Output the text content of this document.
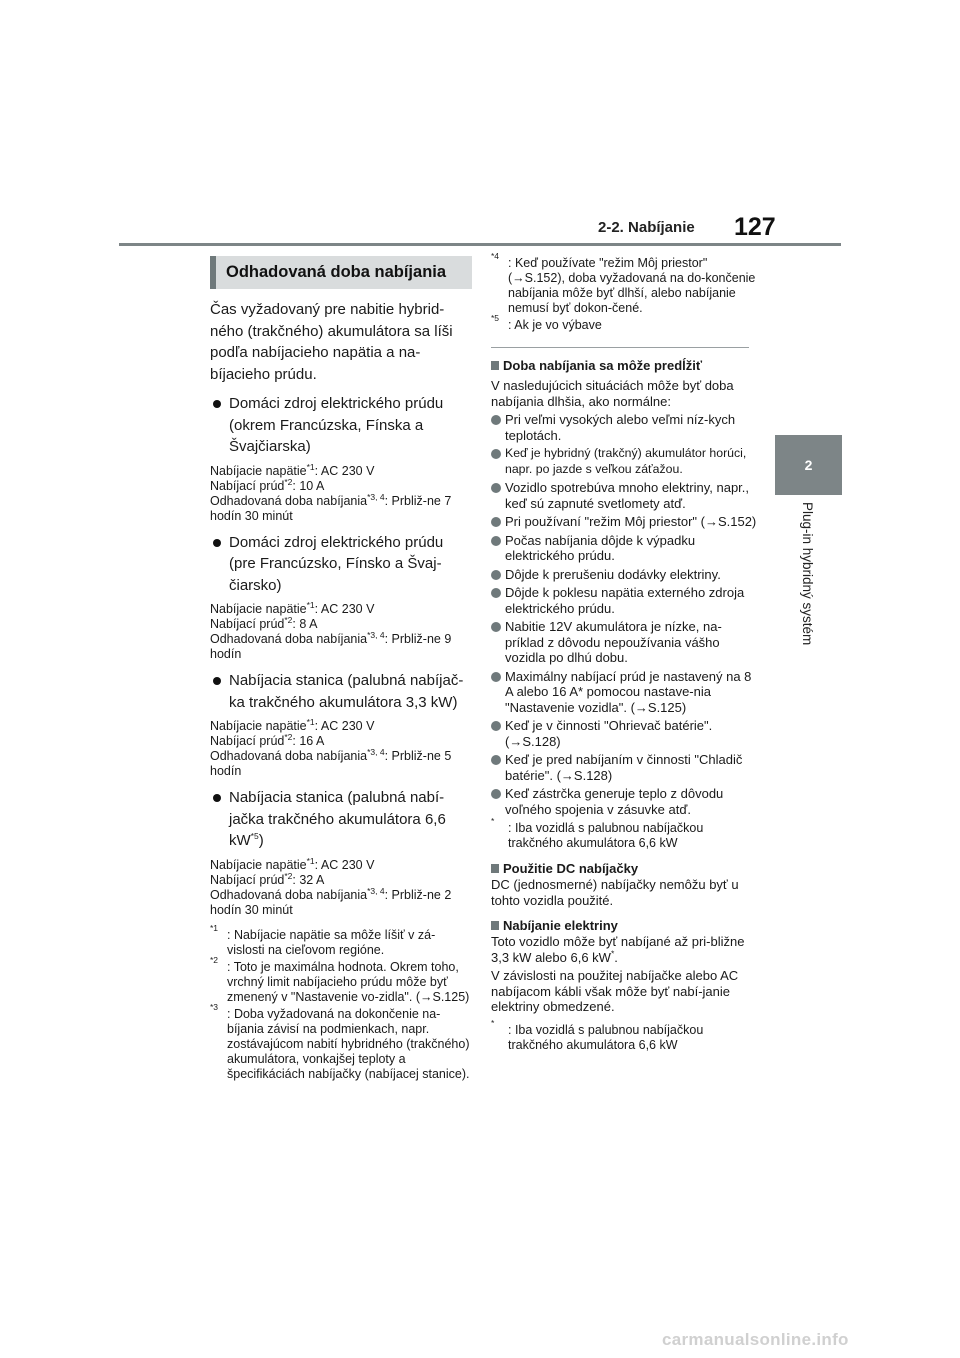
2-2. Nabíjanie 127
2
Plug-in hybridný systém
Odhadovaná doba nabíjania
Čas vyžadovaný pre nabitie hybrid-ného (trakčného) akumulátora sa líši podľa nabíjacieho napätia a na-bíjacieho prúdu.
Domáci zdroj elektrického prúdu (okrem Francúzska, Fínska a Švajčiarska)
Nabíjacie napätie$^{*1}$: AC 230 V
Nabíjací prúd$^{*2}$: 10 A
Odhadovaná doba nabíjania$^{*3, 4}$: Prbliž-ne 7 hodín 30 minút
Domáci zdroj elektrického prúdu (pre Francúzsko, Fínsko a Švaj-čiarsko)
Nabíjacie napätie$^{*1}$: AC 230 V
Nabíjací prúd$^{*2}$: 8 A
Odhadovaná doba nabíjania$^{*3, 4}$: Prbliž-ne 9 hodín
Nabíjacia stanica (palubná nabíjač-ka trakčného akumulátora 3,3 kW)
Nabíjacie napätie$^{*1}$: AC 230 V
Nabíjací prúd$^{*2}$: 16 A
Odhadovaná doba nabíjania$^{*3, 4}$: Prbliž-ne 5 hodín
Nabíjacia stanica (palubná nabí-jačka trakčného akumulátora 6,6 $kW^{*5}$)
Nabíjacie napätie$^{*1}$: AC 230 V
Nabíjací prúd$^{*2}$: 32 A
Odhadovaná doba nabíjania$^{*3, 4}$: Prbliž-ne 2 hodín 30 minút
*1 : Nabíjacie napätie sa môže líšiť v zá-vislosti na cieľovom regióne.
*2 : Toto je maximálna hodnota. Okrem toho, vrchný limit nabíjacieho prúdu môže byť zmenený v "Nastavenie vo-zidla". (→S.125)
*3 : Doba vyžadovaná na dokončenie na-bíjania závisí na podmienkach, napr. zostávajúcom nabití hybridného (trakčného) akumulátora, vonkajšej teploty a špecifikáciách nabíjačky (nabíjacej stanice).
*4 : Keď používate "režim Môj priestor" (→S.152), doba vyžadovaná na do-končenie nabíjania môže byť dlhší, alebo nabíjanie nemusí byť dokon-čené.
*5 : Ak je vo výbave
Doba nabíjania sa môže predĺžiť
V nasledujúcich situáciách môže byť doba nabíjania dlhšia, ako normálne:
Pri veľmi vysokých alebo veľmi níz-kych teplotách.
Keď je hybridný (trakčný) akumulátor horúci, napr. po jazde s veľkou záťažou.
Vozidlo spotrebúva mnoho elektriny, napr., keď sú zapnuté svetlomety atď.
Pri používaní "režim Môj priestor" (→S.152)
Počas nabíjania dôjde k výpadku elektrického prúdu.
Dôjde k prerušeniu dodávky elektriny.
Dôjde k poklesu napätia externého zdroja elektrického prúdu.
Nabitie 12V akumulátora je nízke, na-príklad z dôvodu nepoužívania vášho vozidla po dlhú dobu.
Maximálny nabíjací prúd je nastavený na 8 A alebo 16 A* pomocou nastave-nia "Nastavenie vozidla". (→S.125)
Keď je v činnosti "Ohrievač batérie". (→S.128)
Keď je pred nabíjaním v činnosti "Chladič batérie". (→S.128)
Keď zástrčka generuje teplo z dôvodu voľného spojenia v zásuvke atď.
* : Iba vozidlá s palubnou nabíjačkou trakčného akumulátora 6,6 kW
Použitie DC nabíjačky
DC (jednosmerné) nabíjačky nemôžu byť u tohto vozidla použité.
Nabíjanie elektriny
Toto vozidlo môže byť nabíjané až pri-bližne 3,3 kW alebo 6,6 kW*.
V závislosti na použitej nabíjačke alebo AC nabíjacom kábli však môže byť nabí-janie elektriny obmedzené.
* : Iba vozidlá s palubnou nabíjačkou trakčného akumulátora 6,6 kW
carmanualsonline.info
